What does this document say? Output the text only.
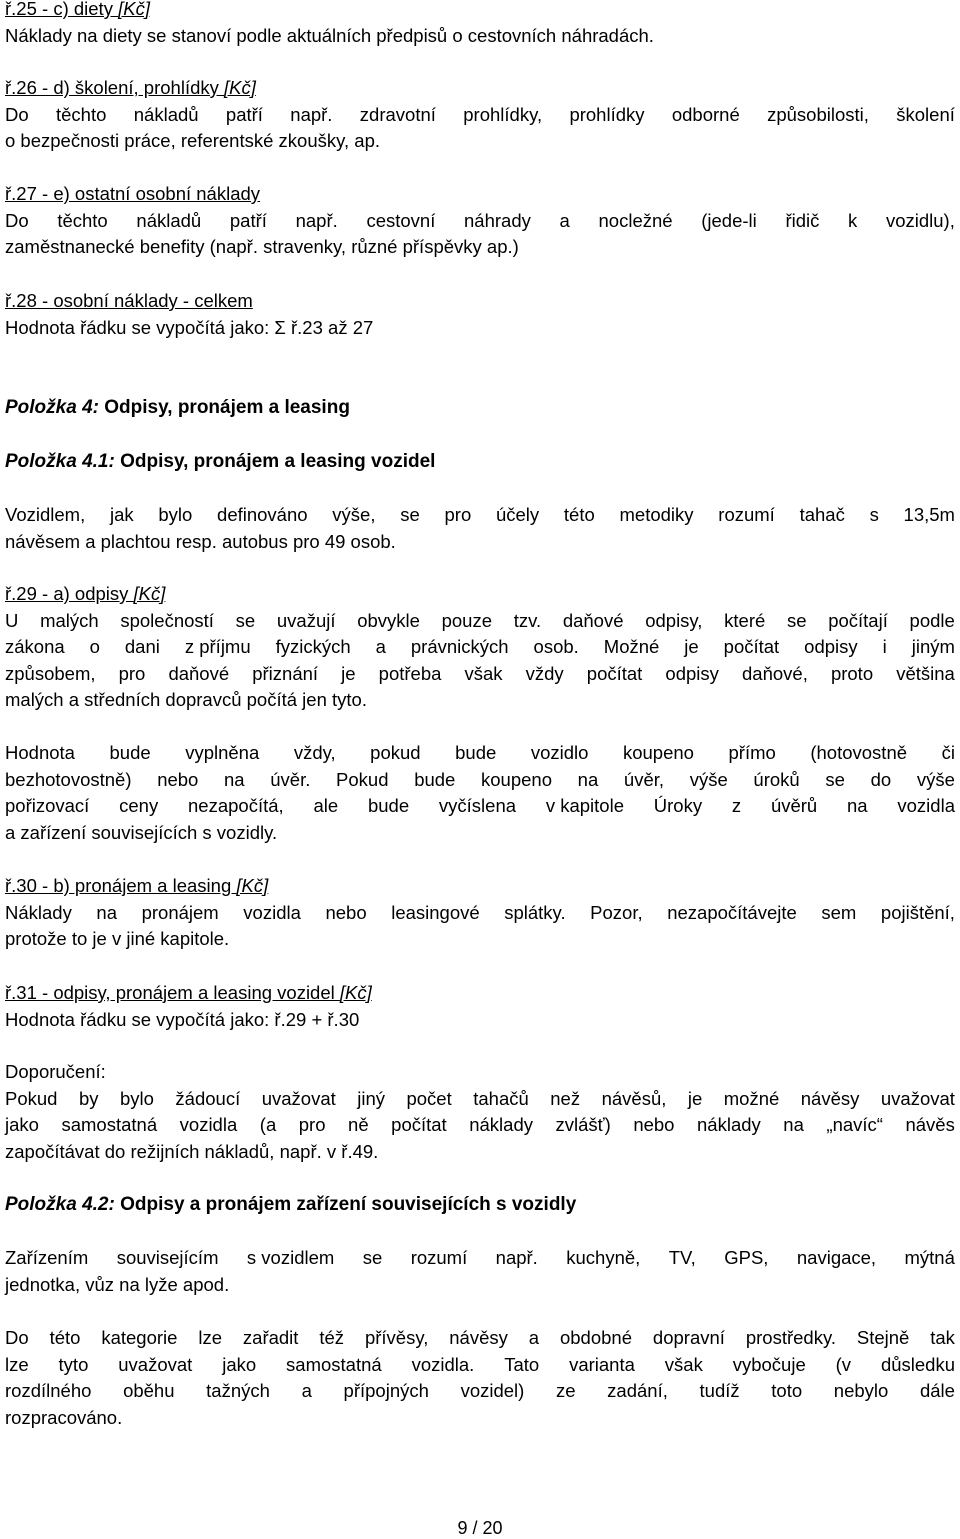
ř.25 - c) diety [Kč]
Náklady na diety se stanoví podle aktuálních předpisů o cestovních náhradách.
ř.26 - d) školení, prohlídky [Kč]
Do těchto nákladů patří např. zdravotní prohlídky, prohlídky odborné způsobilosti, školení
o bezpečnosti práce, referentské zkoušky, ap.
ř.27 - e) ostatní osobní náklady
Do těchto nákladů patří např. cestovní náhrady a nocležné (jede-li řidič k vozidlu),
zaměstnanecké benefity (např. stravenky, různé příspěvky ap.)
ř.28 - osobní náklady - celkem
Hodnota řádku se vypočítá jako: Σ ř.23 až 27
Položka 4: Odpisy, pronájem a leasing
Položka 4.1: Odpisy, pronájem a leasing vozidel
Vozidlem, jak bylo definováno výše, se pro účely této metodiky rozumí tahač s 13,5m
návěsem a plachtou resp. autobus pro 49 osob.
ř.29 - a) odpisy [Kč]
U malých společností se uvažují obvykle pouze tzv. daňové odpisy, které se počítají podle
zákona o dani z příjmu fyzických a právnických osob. Možné je počítat odpisy i jiným
způsobem, pro daňové přiznání je potřeba však vždy počítat odpisy daňové, proto většina
malých a středních dopravců počítá jen tyto.
Hodnota bude vyplněna vždy, pokud bude vozidlo koupeno přímo (hotovostně či
bezhotovostně) nebo na úvěr. Pokud bude koupeno na úvěr, výše úroků se do výše
pořizovací ceny nezapočítá, ale bude vyčíslena v kapitole Úroky z úvěrů na vozidla
a zařízení souvisejících s vozidly.
ř.30 - b) pronájem a leasing [Kč]
Náklady na pronájem vozidla nebo leasingové splátky. Pozor, nezapočítávejte sem pojištění,
protože to je v jiné kapitole.
ř.31 - odpisy, pronájem a leasing vozidel [Kč]
Hodnota řádku se vypočítá jako: ř.29 + ř.30
Doporučení:
Pokud by bylo žádoucí uvažovat jiný počet tahačů než návěsů, je možné návěsy uvažovat
jako samostatná vozidla (a pro ně počítat náklady zvlášť) nebo náklady na „navíc“ návěs
započítávat do režijních nákladů, např. v ř.49.
Položka 4.2: Odpisy a pronájem zařízení souvisejících s vozidly
Zařízením souvisejícím s vozidlem se rozumí např. kuchyně, TV, GPS, navigace, mýtná
jednotka, vůz na lyže apod.
Do této kategorie lze zařadit též přívěsy, návěsy a obdobné dopravní prostředky. Stejně tak
lze tyto uvažovat jako samostatná vozidla. Tato varianta však vybočuje (v důsledku
rozdílného oběhu tažných a přípojných vozidel) ze zadání, tudíž toto nebylo dále
rozpracováno.
9 / 20
